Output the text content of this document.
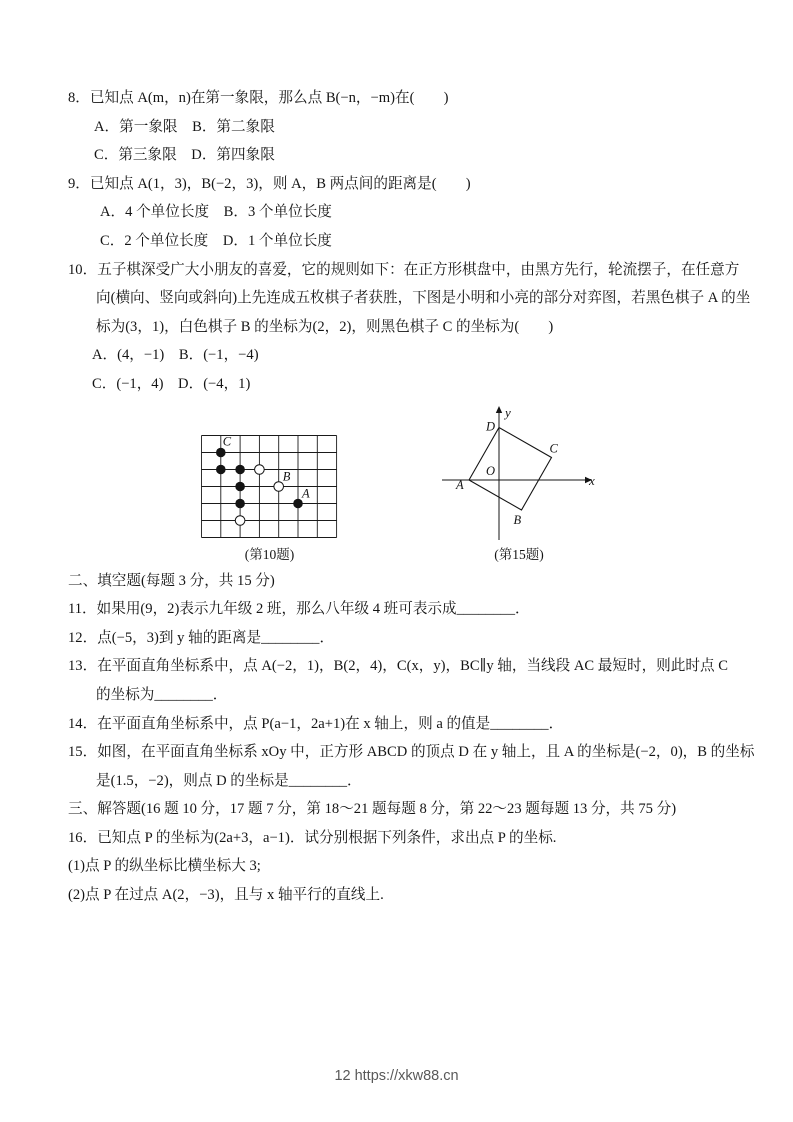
8．已知点 A(m，n)在第一象限，那么点 B(−n，−m)在(　　)

A．第一象限　B．第二象限

C．第三象限　D．第四象限

9．已知点 A(1，3)，B(−2，3)，则 A，B 两点间的距离是(　　)

A．4 个单位长度　B．3 个单位长度

C．2 个单位长度　D．1 个单位长度

10．五子棋深受广大小朋友的喜爱，它的规则如下：在正方形棋盘中，由黑方先行，轮流摆子，在任意方

向(横向、竖向或斜向)上先连成五枚棋子者获胜，下图是小明和小亮的部分对弈图，若黑色棋子 A 的坐

标为(3，1)，白色棋子 B 的坐标为(2，2)，则黑色棋子 C 的坐标为(　　)

A．(4，−1)　B．(−1，−4)

C．(−1，4)　D．(−4，1)

C
B
A
(第10题)
A
B
C
D
x
y
O
(第15题)

二、填空题(每题 3 分，共 15 分)

11．如果用(9，2)表示九年级 2 班，那么八年级 4 班可表示成________．

12．点(−5，3)到 y 轴的距离是________．

13．在平面直角坐标系中，点 A(−2，1)，B(2，4)，C(x，y)，BC∥y 轴，当线段 AC 最短时，则此时点 C

的坐标为________．

14．在平面直角坐标系中，点 P(a−1，2a+1)在 x 轴上，则 a 的值是________．

15．如图，在平面直角坐标系 xOy 中，正方形 ABCD 的顶点 D 在 y 轴上，且 A 的坐标是(−2，0)，B 的坐标

是(1.5，−2)，则点 D 的坐标是________．

三、解答题(16 题 10 分，17 题 7 分，第 18～21 题每题 8 分，第 22～23 题每题 13 分，共 75 分)

16．已知点 P 的坐标为(2a+3，a−1)．试分别根据下列条件，求出点 P 的坐标.

(1)点 P 的纵坐标比横坐标大 3;

(2)点 P 在过点 A(2，−3)，且与 x 轴平行的直线上.

12 https://xkw88.cn
